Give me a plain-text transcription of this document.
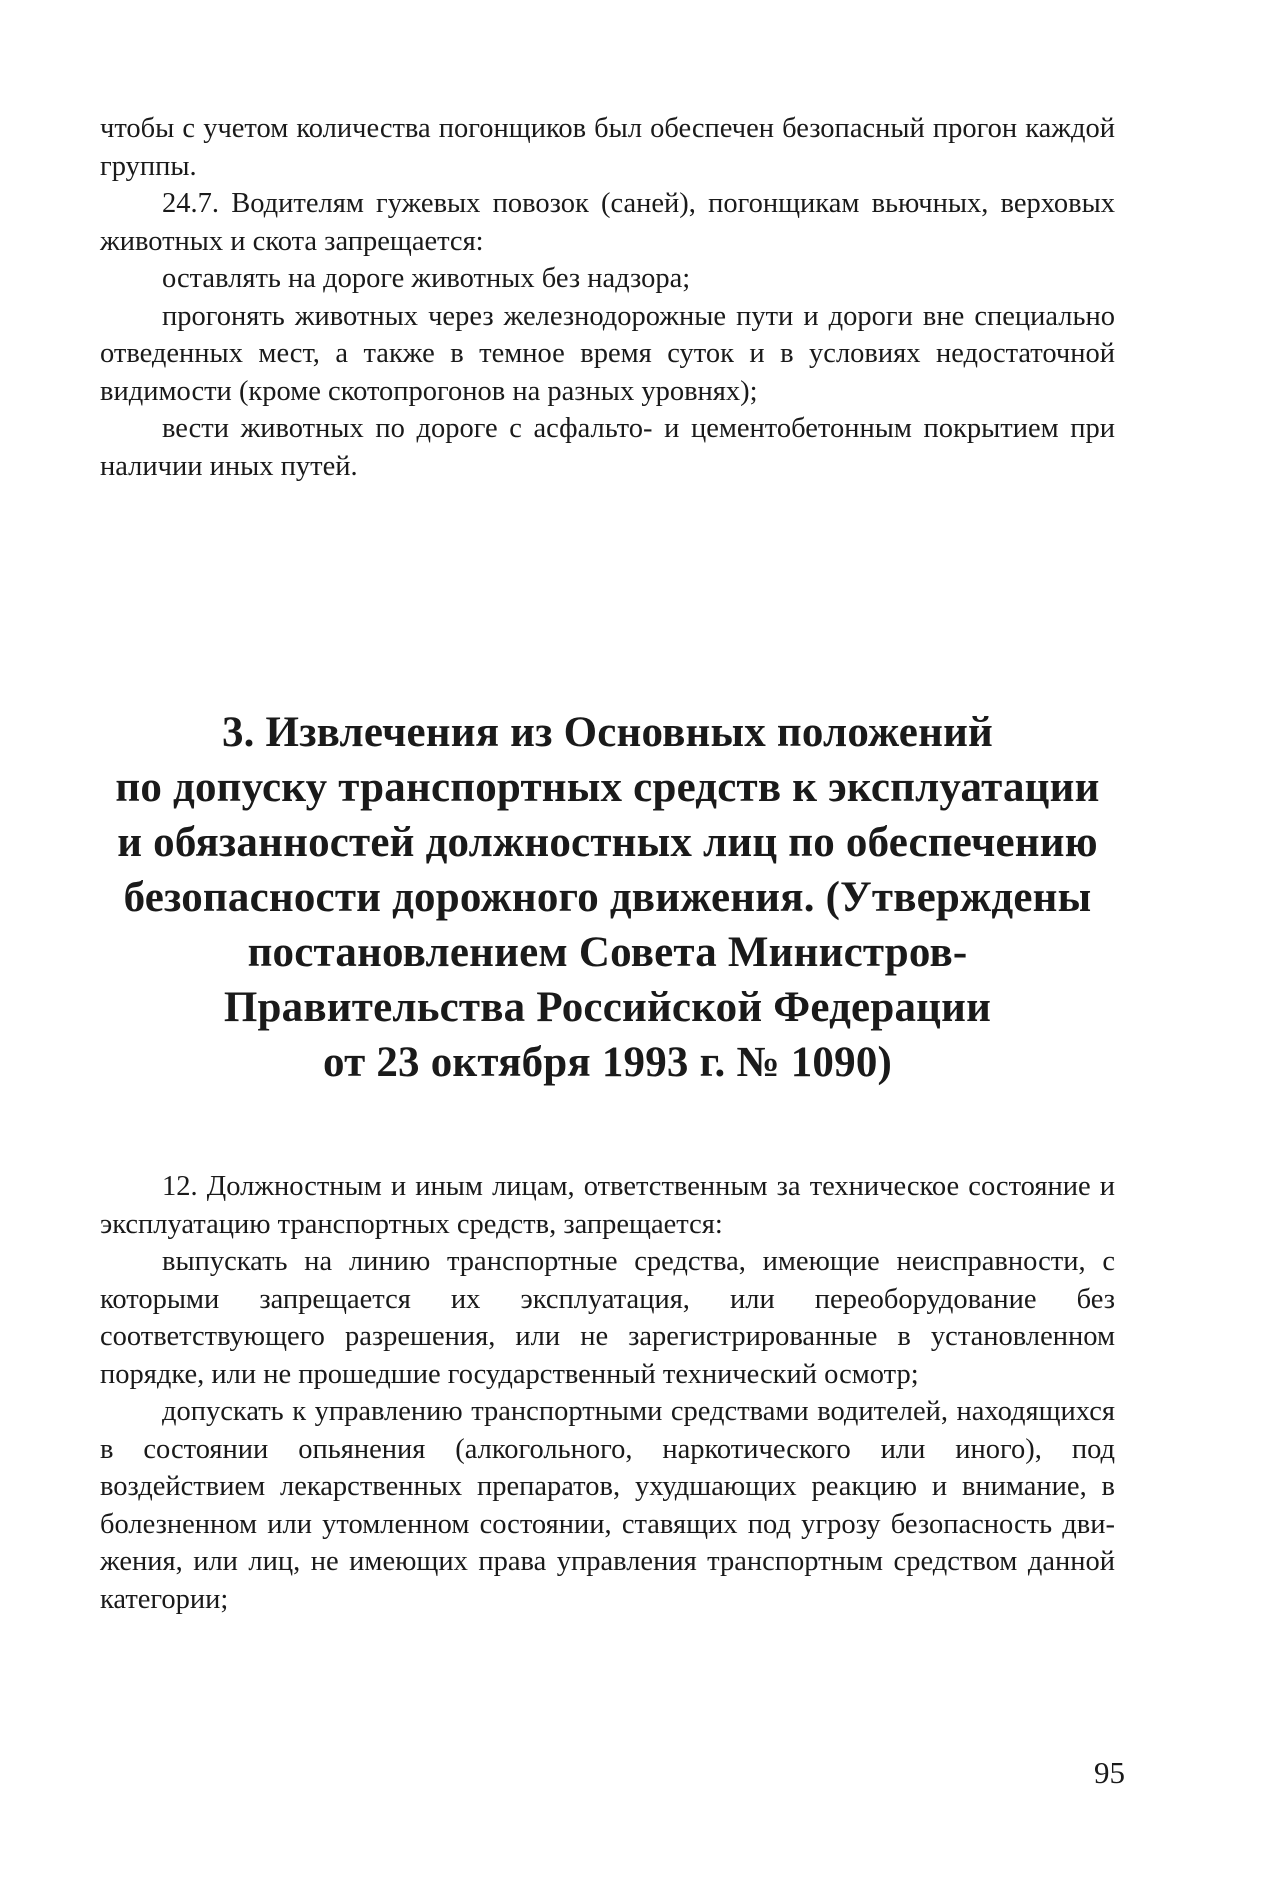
чтобы с учетом количества погонщиков был обеспечен безопасный прогон каждой группы.

24.7. Водителям гужевых повозок (саней), погонщикам вьючных, верховых животных и скота запрещается:

оставлять на дороге животных без надзора;

прогонять животных через железнодорожные пути и дороги вне специально отведенных мест, а также в темное время суток и в условиях недостаточной видимости (кроме скотопрогонов на разных уровнях);

вести животных по дороге с асфальто- и цементобетонным покрытием при наличии иных путей.

3. Извлечения из Основных положений
по допуску транспортных средств к эксплуатации
и обязанностей должностных лиц по обеспечению
безопасности дорожного движения. (Утверждены
постановлением Совета Министров-
Правительства Российской Федерации
от 23 октября 1993 г. № 1090)

12. Должностным и иным лицам, ответственным за техническое состояние и эксплуатацию транспортных средств, запрещается:

выпускать на линию транспортные средства, имеющие неисправности, с которыми запрещается их эксплуатация, или переоборудование без соответствующего разрешения, или не зарегистрированные в установленном порядке, или не прошедшие государственный технический осмотр;

допускать к управлению транспортными средствами водителей, находящихся в состоянии опьянения (алкогольного, наркотического или иного), под воздействием лекарственных препаратов, ухудшающих реакцию и внимание, в болезненном или утомленном состоянии, ставящих под угрозу безопасность движения, или лиц, не имеющих права управления транспортным средством данной категории;

95
